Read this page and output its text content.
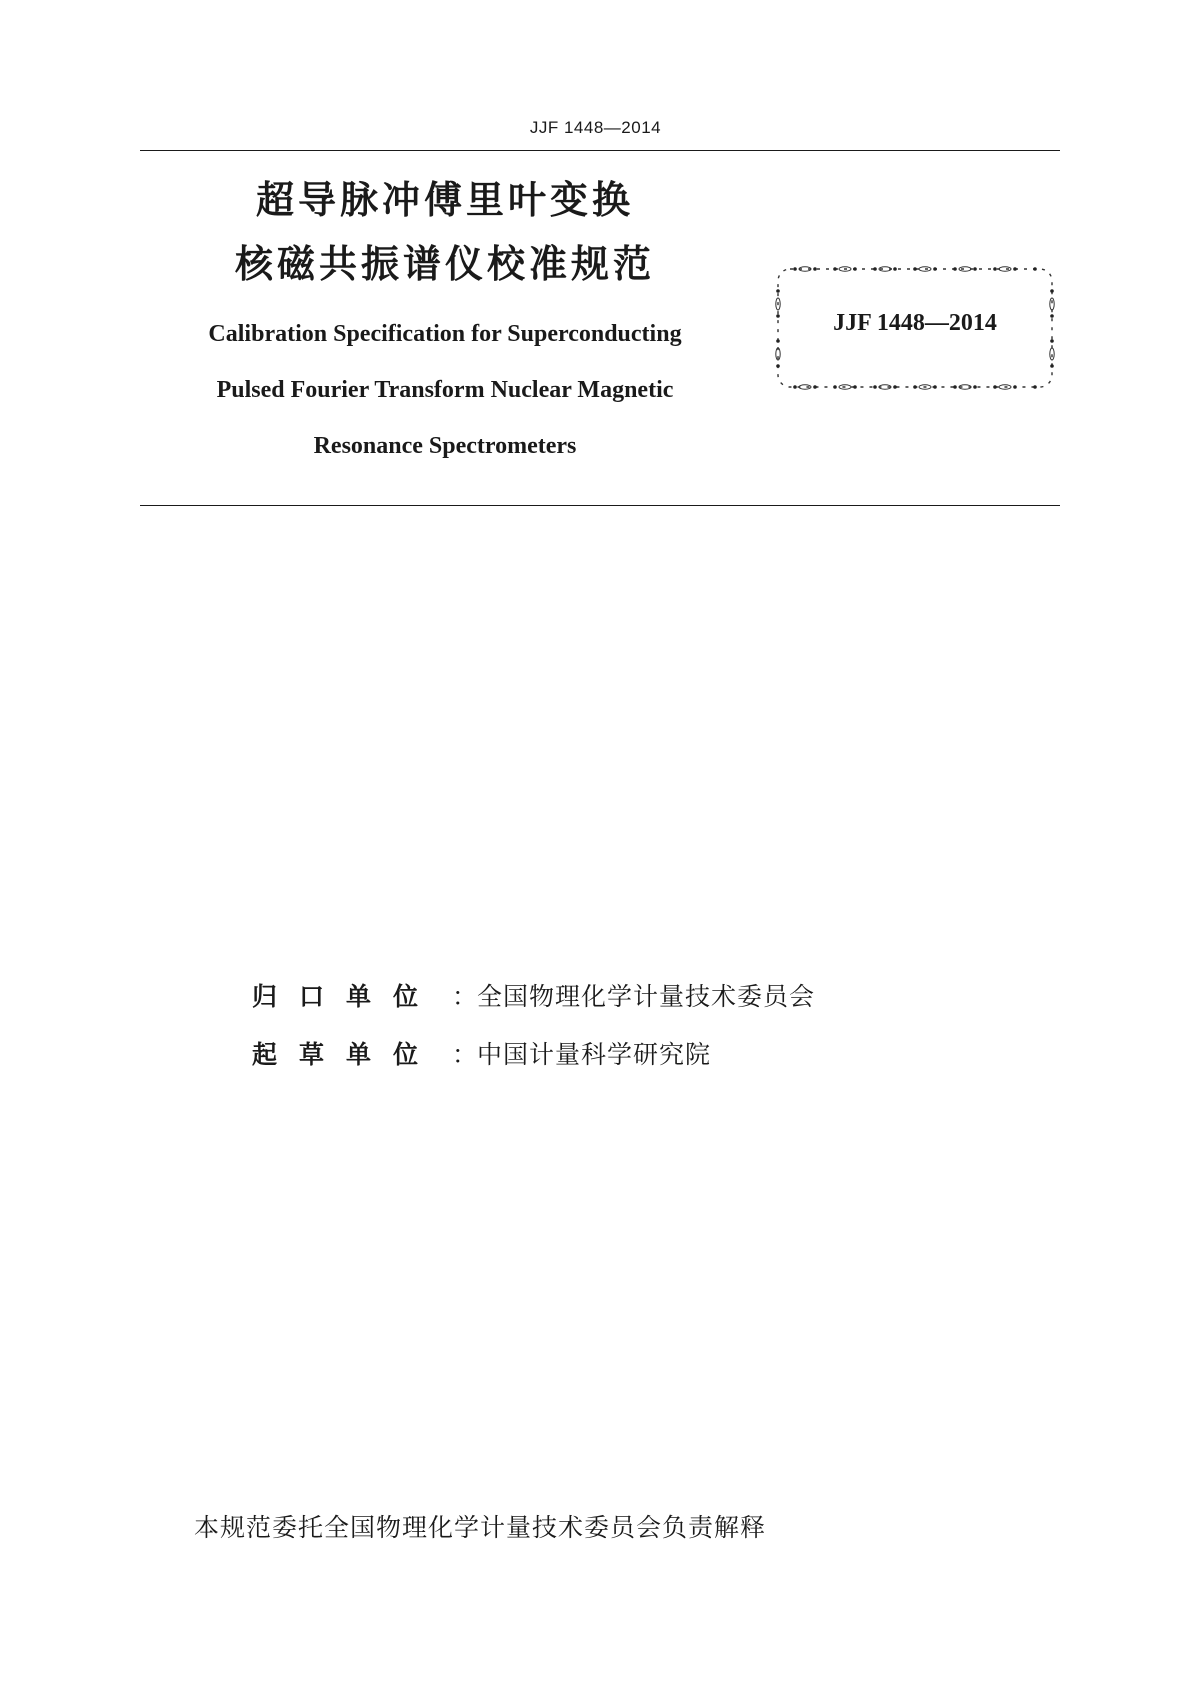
JJF 1448—2014
超导脉冲傅里叶变换
核磁共振谱仪校准规范
Calibration Specification for Superconducting
Pulsed Fourier Transform Nuclear Magnetic
Resonance Spectrometers
JJF 1448—2014
归口单位 ：全国物理化学计量技术委员会
起草单位 ：中国计量科学研究院
本规范委托全国物理化学计量技术委员会负责解释
